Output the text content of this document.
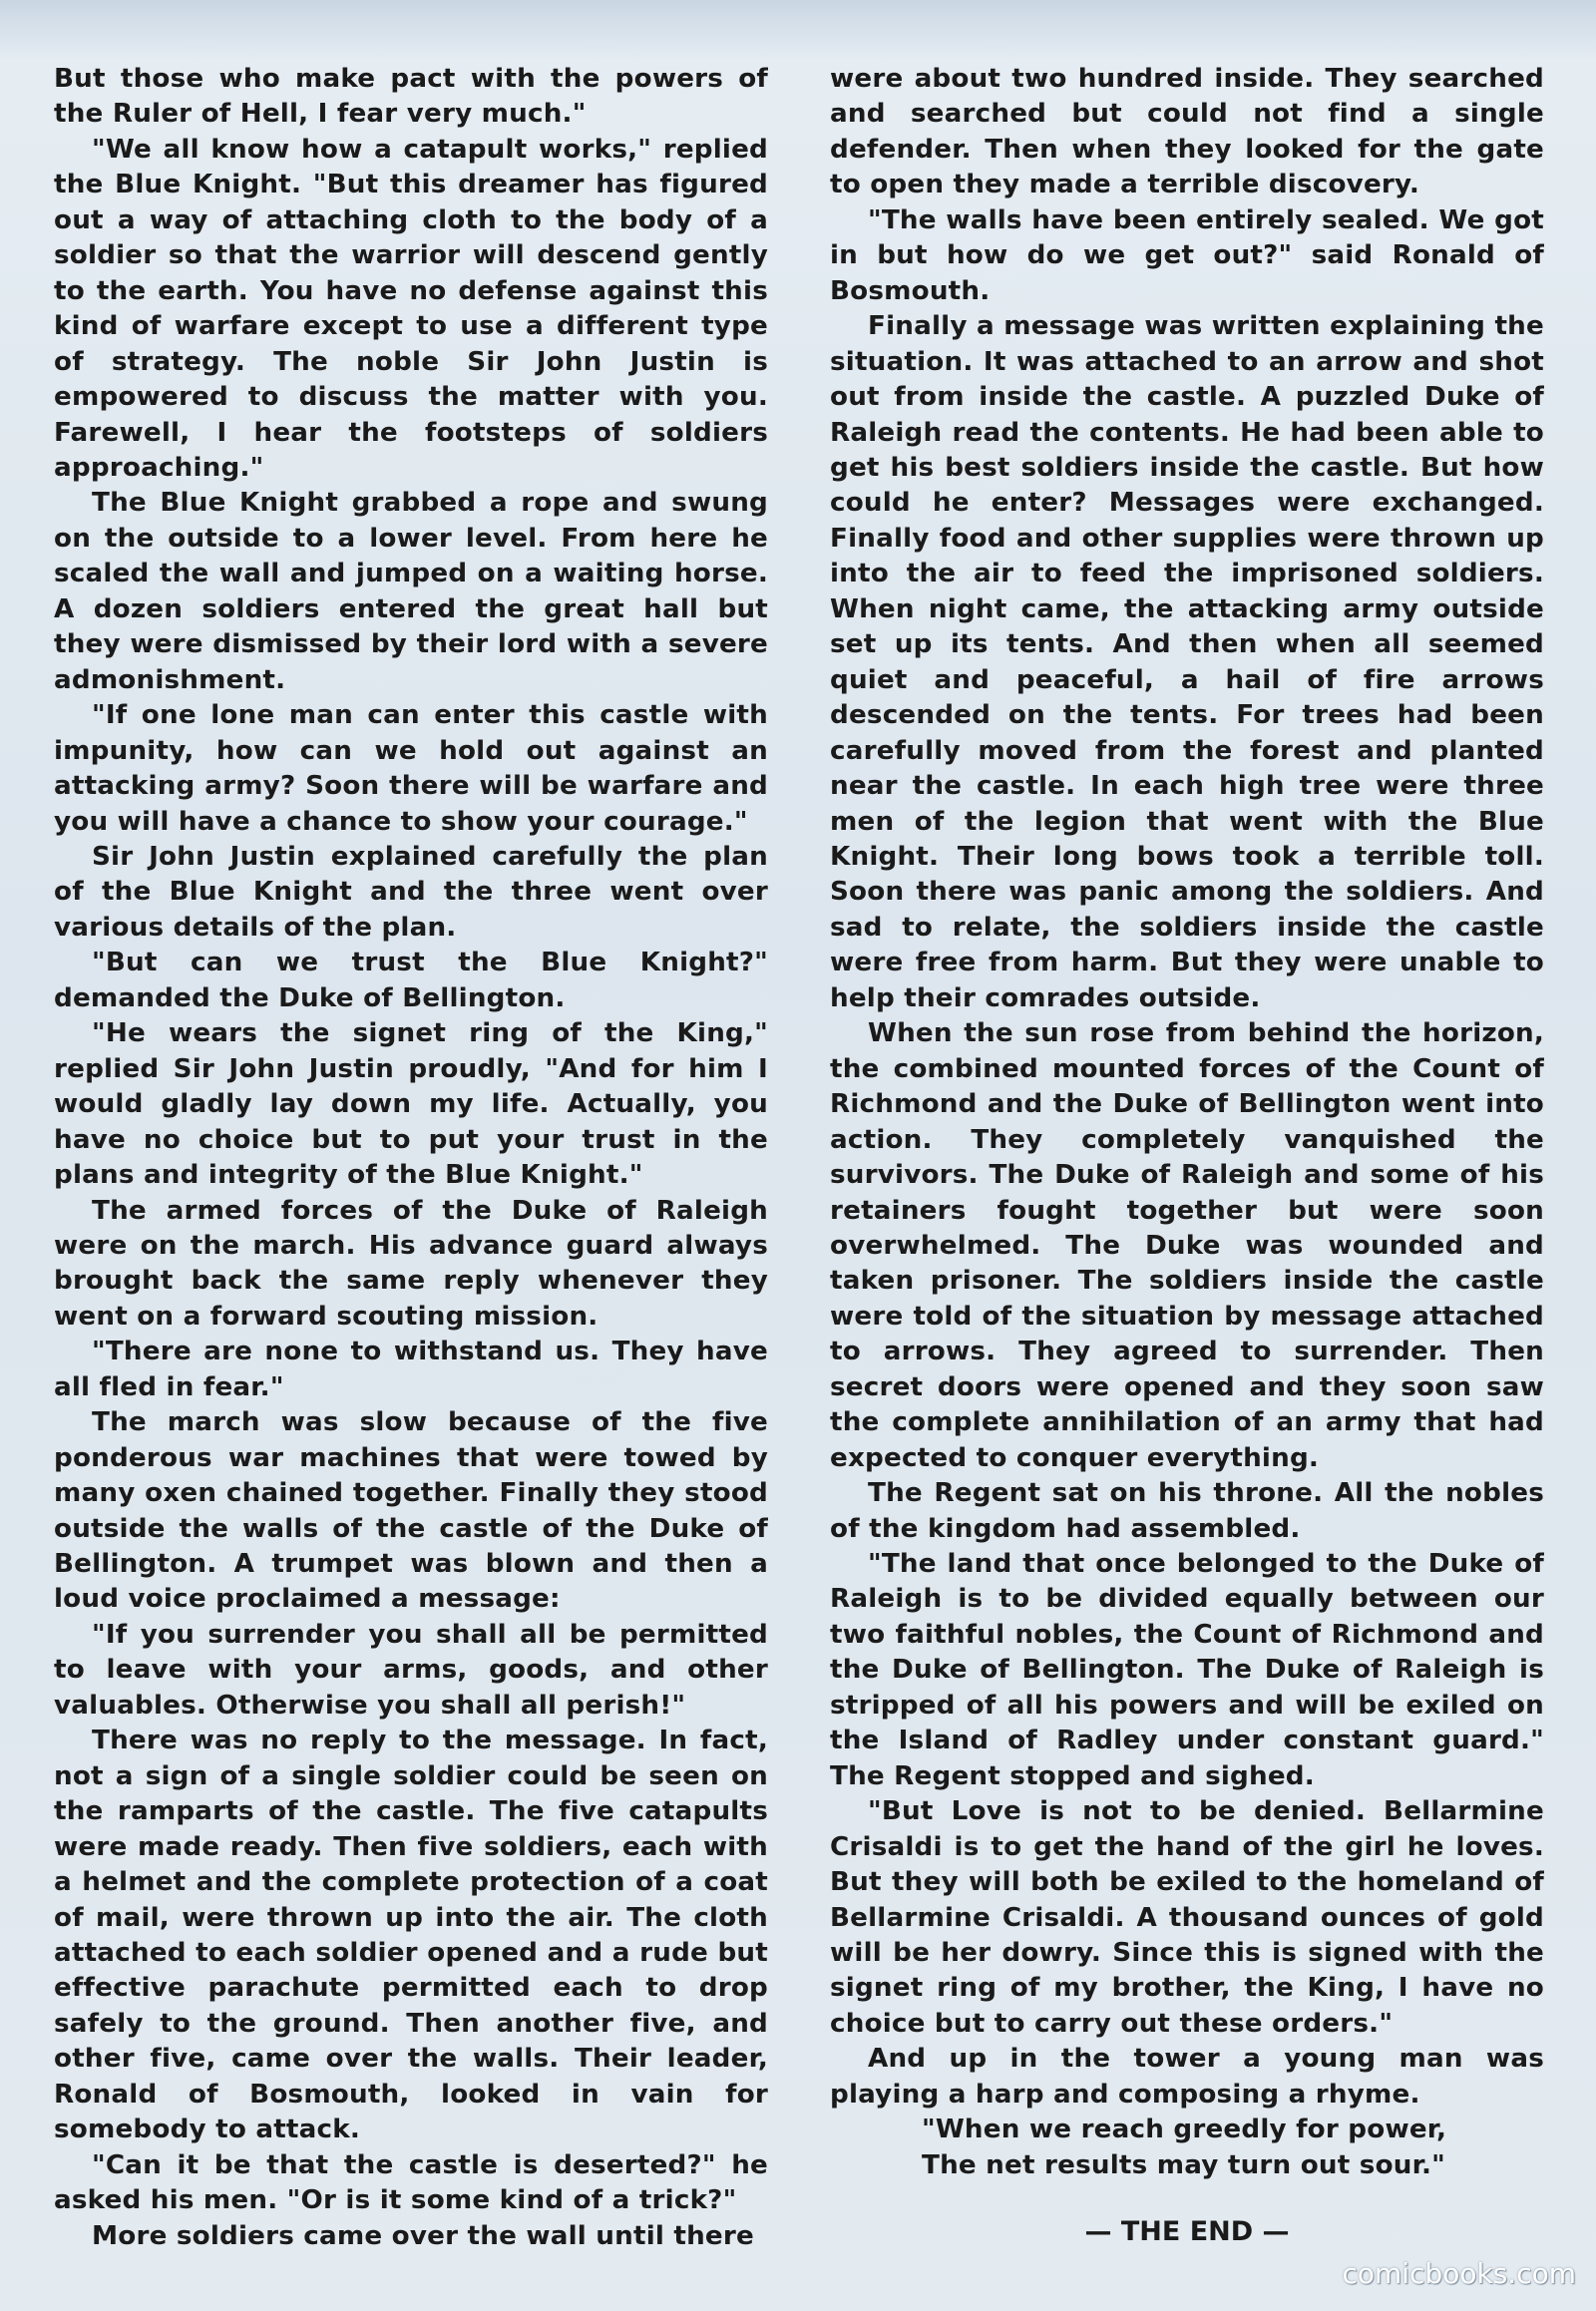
But those who make pact with the powers of the Ruler of Hell, I fear very much."

"We all know how a catapult works," replied the Blue Knight. "But this dreamer has figured out a way of attaching cloth to the body of a soldier so that the warrior will descend gently to the earth. You have no defense against this kind of warfare except to use a different type of strategy. The noble Sir John Justin is empowered to discuss the matter with you. Farewell, I hear the footsteps of soldiers approaching."

The Blue Knight grabbed a rope and swung on the outside to a lower level. From here he scaled the wall and jumped on a waiting horse. A dozen soldiers entered the great hall but they were dismissed by their lord with a severe admonishment.

"If one lone man can enter this castle with impunity, how can we hold out against an attacking army? Soon there will be warfare and you will have a chance to show your courage."

Sir John Justin explained carefully the plan of the Blue Knight and the three went over various details of the plan.

"But can we trust the Blue Knight?" demanded the Duke of Bellington.

"He wears the signet ring of the King," replied Sir John Justin proudly, "And for him I would gladly lay down my life. Actually, you have no choice but to put your trust in the plans and integrity of the Blue Knight."

The armed forces of the Duke of Raleigh were on the march. His advance guard always brought back the same reply whenever they went on a forward scouting mission.

"There are none to withstand us. They have all fled in fear."

The march was slow because of the five ponderous war machines that were towed by many oxen chained together. Finally they stood outside the walls of the castle of the Duke of Bellington. A trumpet was blown and then a loud voice proclaimed a message:

"If you surrender you shall all be permitted to leave with your arms, goods, and other valuables. Otherwise you shall all perish!"

There was no reply to the message. In fact, not a sign of a single soldier could be seen on the ramparts of the castle. The five catapults were made ready. Then five soldiers, each with a helmet and the complete protection of a coat of mail, were thrown up into the air. The cloth attached to each soldier opened and a rude but effective parachute permitted each to drop safely to the ground. Then another five, and other five, came over the walls. Their leader, Ronald of Bosmouth, looked in vain for somebody to attack.

"Can it be that the castle is deserted?" he asked his men. "Or is it some kind of a trick?"

More soldiers came over the wall until there

were about two hundred inside. They searched and searched but could not find a single defender. Then when they looked for the gate to open they made a terrible discovery.

"The walls have been entirely sealed. We got in but how do we get out?" said Ronald of Bosmouth.

Finally a message was written explaining the situation. It was attached to an arrow and shot out from inside the castle. A puzzled Duke of Raleigh read the contents. He had been able to get his best soldiers inside the castle. But how could he enter? Messages were exchanged. Finally food and other supplies were thrown up into the air to feed the imprisoned soldiers. When night came, the attacking army outside set up its tents. And then when all seemed quiet and peaceful, a hail of fire arrows descended on the tents. For trees had been carefully moved from the forest and planted near the castle. In each high tree were three men of the legion that went with the Blue Knight. Their long bows took a terrible toll. Soon there was panic among the soldiers. And sad to relate, the soldiers inside the castle were free from harm. But they were unable to help their comrades outside.

When the sun rose from behind the horizon, the combined mounted forces of the Count of Richmond and the Duke of Bellington went into action. They completely vanquished the survivors. The Duke of Raleigh and some of his retainers fought together but were soon overwhelmed. The Duke was wounded and taken prisoner. The soldiers inside the castle were told of the situation by message attached to arrows. They agreed to surrender. Then secret doors were opened and they soon saw the complete annihilation of an army that had expected to conquer everything.

The Regent sat on his throne. All the nobles of the kingdom had assembled.

"The land that once belonged to the Duke of Raleigh is to be divided equally between our two faithful nobles, the Count of Richmond and the Duke of Bellington. The Duke of Raleigh is stripped of all his powers and will be exiled on the Island of Radley under constant guard." The Regent stopped and sighed.

"But Love is not to be denied. Bellarmine Crisaldi is to get the hand of the girl he loves. But they will both be exiled to the homeland of Bellarmine Crisaldi. A thousand ounces of gold will be her dowry. Since this is signed with the signet ring of my brother, the King, I have no choice but to carry out these orders."

And up in the tower a young man was playing a harp and composing a rhyme.

"When we reach greedly for power,

The net results may turn out sour."

— THE END —
comicbooks.com
